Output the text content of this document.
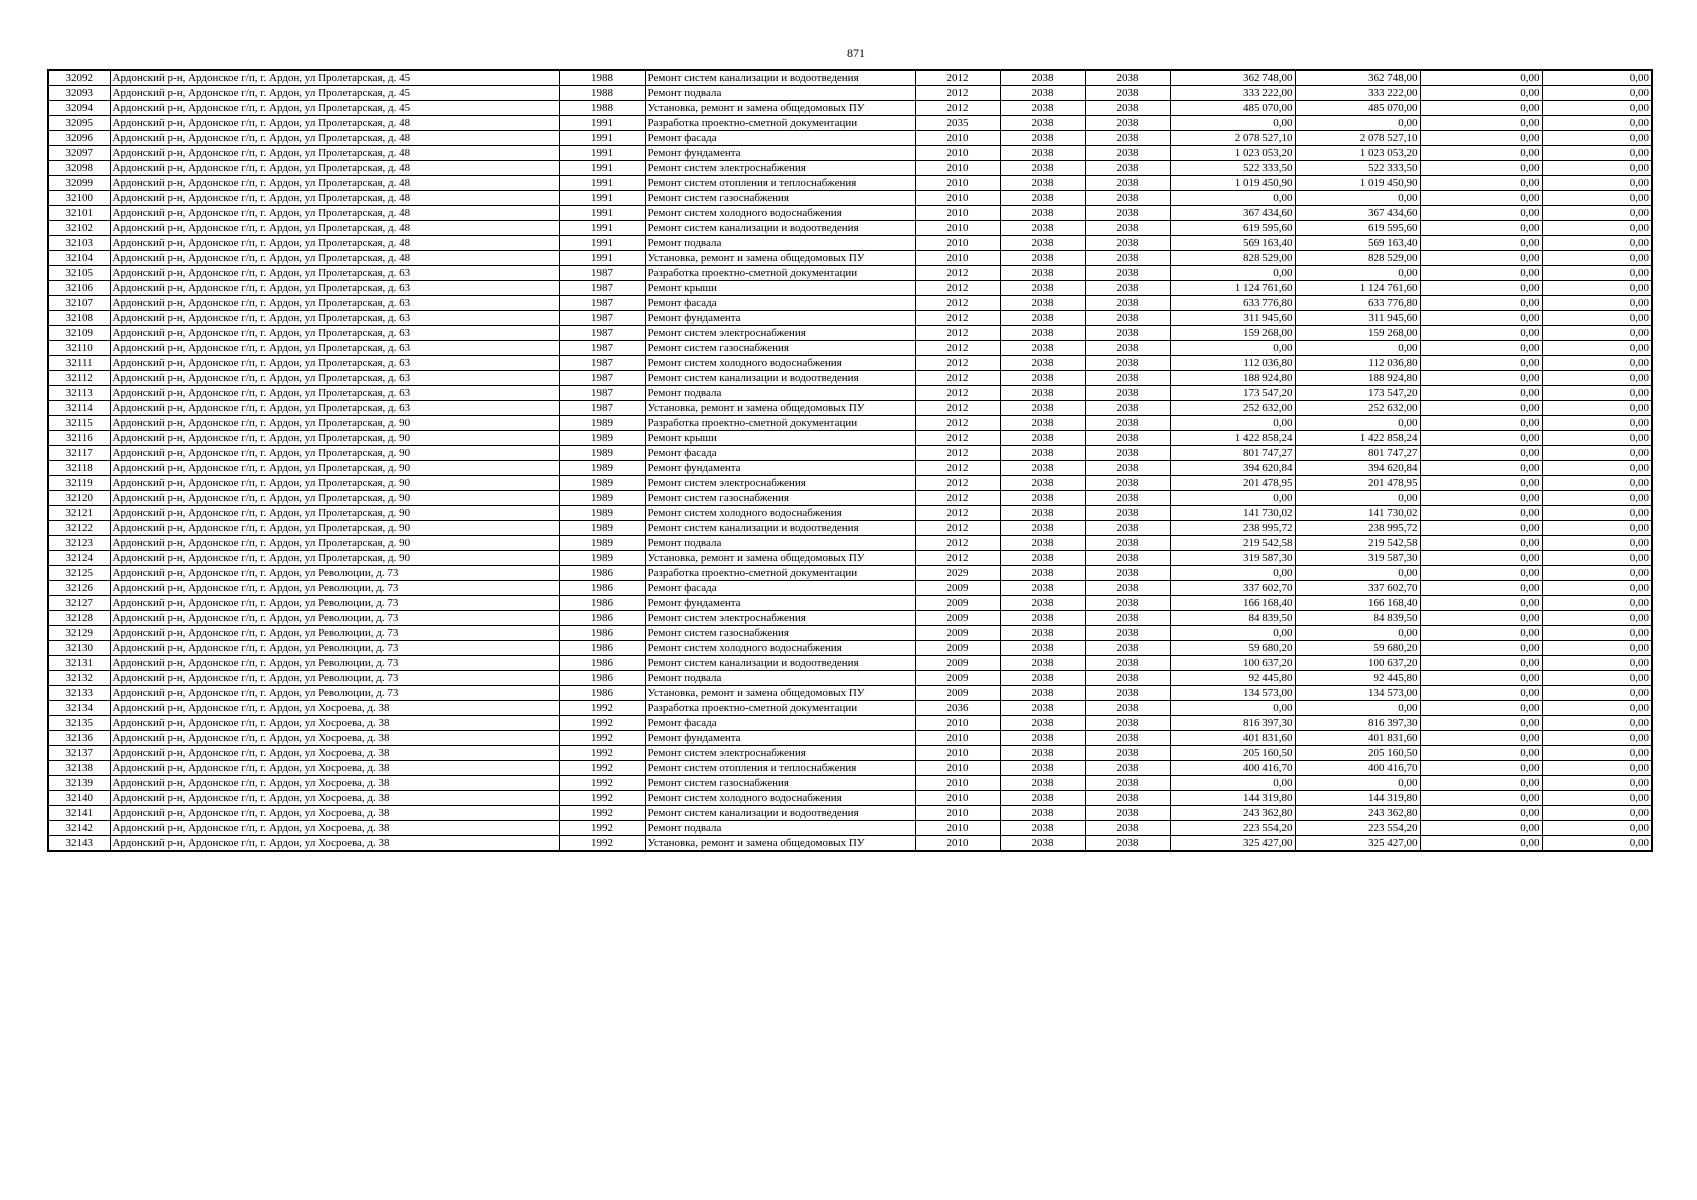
871
32092	Ардонский р-н, Ардонское г/п, г. Ардон, ул Пролетарская, д. 45	1988	Ремонт систем канализации и водоотведения	2012	2038	2038	362 748,00	362 748,00	0,00	0,00
32093	Ардонский р-н, Ардонское г/п, г. Ардон, ул Пролетарская, д. 45	1988	Ремонт подвала	2012	2038	2038	333 222,00	333 222,00	0,00	0,00
32094	Ардонский р-н, Ардонское г/п, г. Ардон, ул Пролетарская, д. 45	1988	Установка, ремонт и замена общедомовых ПУ	2012	2038	2038	485 070,00	485 070,00	0,00	0,00
32095	Ардонский р-н, Ардонское г/п, г. Ардон, ул Пролетарская, д. 48	1991	Разработка проектно-сметной документации	2035	2038	2038	0,00	0,00	0,00	0,00
32096	Ардонский р-н, Ардонское г/п, г. Ардон, ул Пролетарская, д. 48	1991	Ремонт фасада	2010	2038	2038	2 078 527,10	2 078 527,10	0,00	0,00
32097	Ардонский р-н, Ардонское г/п, г. Ардон, ул Пролетарская, д. 48	1991	Ремонт фундамента	2010	2038	2038	1 023 053,20	1 023 053,20	0,00	0,00
32098	Ардонский р-н, Ардонское г/п, г. Ардон, ул Пролетарская, д. 48	1991	Ремонт систем электроснабжения	2010	2038	2038	522 333,50	522 333,50	0,00	0,00
32099	Ардонский р-н, Ардонское г/п, г. Ардон, ул Пролетарская, д. 48	1991	Ремонт систем отопления и теплоснабжения	2010	2038	2038	1 019 450,90	1 019 450,90	0,00	0,00
32100	Ардонский р-н, Ардонское г/п, г. Ардон, ул Пролетарская, д. 48	1991	Ремонт систем газоснабжения	2010	2038	2038	0,00	0,00	0,00	0,00
32101	Ардонский р-н, Ардонское г/п, г. Ардон, ул Пролетарская, д. 48	1991	Ремонт систем холодного водоснабжения	2010	2038	2038	367 434,60	367 434,60	0,00	0,00
32102	Ардонский р-н, Ардонское г/п, г. Ардон, ул Пролетарская, д. 48	1991	Ремонт систем канализации и водоотведения	2010	2038	2038	619 595,60	619 595,60	0,00	0,00
32103	Ардонский р-н, Ардонское г/п, г. Ардон, ул Пролетарская, д. 48	1991	Ремонт подвала	2010	2038	2038	569 163,40	569 163,40	0,00	0,00
32104	Ардонский р-н, Ардонское г/п, г. Ардон, ул Пролетарская, д. 48	1991	Установка, ремонт и замена общедомовых ПУ	2010	2038	2038	828 529,00	828 529,00	0,00	0,00
32105	Ардонский р-н, Ардонское г/п, г. Ардон, ул Пролетарская, д. 63	1987	Разработка проектно-сметной документации	2012	2038	2038	0,00	0,00	0,00	0,00
32106	Ардонский р-н, Ардонское г/п, г. Ардон, ул Пролетарская, д. 63	1987	Ремонт крыши	2012	2038	2038	1 124 761,60	1 124 761,60	0,00	0,00
32107	Ардонский р-н, Ардонское г/п, г. Ардон, ул Пролетарская, д. 63	1987	Ремонт фасада	2012	2038	2038	633 776,80	633 776,80	0,00	0,00
32108	Ардонский р-н, Ардонское г/п, г. Ардон, ул Пролетарская, д. 63	1987	Ремонт фундамента	2012	2038	2038	311 945,60	311 945,60	0,00	0,00
32109	Ардонский р-н, Ардонское г/п, г. Ардон, ул Пролетарская, д. 63	1987	Ремонт систем электроснабжения	2012	2038	2038	159 268,00	159 268,00	0,00	0,00
32110	Ардонский р-н, Ардонское г/п, г. Ардон, ул Пролетарская, д. 63	1987	Ремонт систем газоснабжения	2012	2038	2038	0,00	0,00	0,00	0,00
32111	Ардонский р-н, Ардонское г/п, г. Ардон, ул Пролетарская, д. 63	1987	Ремонт систем холодного водоснабжения	2012	2038	2038	112 036,80	112 036,80	0,00	0,00
32112	Ардонский р-н, Ардонское г/п, г. Ардон, ул Пролетарская, д. 63	1987	Ремонт систем канализации и водоотведения	2012	2038	2038	188 924,80	188 924,80	0,00	0,00
32113	Ардонский р-н, Ардонское г/п, г. Ардон, ул Пролетарская, д. 63	1987	Ремонт подвала	2012	2038	2038	173 547,20	173 547,20	0,00	0,00
32114	Ардонский р-н, Ардонское г/п, г. Ардон, ул Пролетарская, д. 63	1987	Установка, ремонт и замена общедомовых ПУ	2012	2038	2038	252 632,00	252 632,00	0,00	0,00
32115	Ардонский р-н, Ардонское г/п, г. Ардон, ул Пролетарская, д. 90	1989	Разработка проектно-сметной документации	2012	2038	2038	0,00	0,00	0,00	0,00
32116	Ардонский р-н, Ардонское г/п, г. Ардон, ул Пролетарская, д. 90	1989	Ремонт крыши	2012	2038	2038	1 422 858,24	1 422 858,24	0,00	0,00
32117	Ардонский р-н, Ардонское г/п, г. Ардон, ул Пролетарская, д. 90	1989	Ремонт фасада	2012	2038	2038	801 747,27	801 747,27	0,00	0,00
32118	Ардонский р-н, Ардонское г/п, г. Ардон, ул Пролетарская, д. 90	1989	Ремонт фундамента	2012	2038	2038	394 620,84	394 620,84	0,00	0,00
32119	Ардонский р-н, Ардонское г/п, г. Ардон, ул Пролетарская, д. 90	1989	Ремонт систем электроснабжения	2012	2038	2038	201 478,95	201 478,95	0,00	0,00
32120	Ардонский р-н, Ардонское г/п, г. Ардон, ул Пролетарская, д. 90	1989	Ремонт систем газоснабжения	2012	2038	2038	0,00	0,00	0,00	0,00
32121	Ардонский р-н, Ардонское г/п, г. Ардон, ул Пролетарская, д. 90	1989	Ремонт систем холодного водоснабжения	2012	2038	2038	141 730,02	141 730,02	0,00	0,00
32122	Ардонский р-н, Ардонское г/п, г. Ардон, ул Пролетарская, д. 90	1989	Ремонт систем канализации и водоотведения	2012	2038	2038	238 995,72	238 995,72	0,00	0,00
32123	Ардонский р-н, Ардонское г/п, г. Ардон, ул Пролетарская, д. 90	1989	Ремонт подвала	2012	2038	2038	219 542,58	219 542,58	0,00	0,00
32124	Ардонский р-н, Ардонское г/п, г. Ардон, ул Пролетарская, д. 90	1989	Установка, ремонт и замена общедомовых ПУ	2012	2038	2038	319 587,30	319 587,30	0,00	0,00
32125	Ардонский р-н, Ардонское г/п, г. Ардон, ул Революции, д. 73	1986	Разработка проектно-сметной документации	2029	2038	2038	0,00	0,00	0,00	0,00
32126	Ардонский р-н, Ардонское г/п, г. Ардон, ул Революции, д. 73	1986	Ремонт фасада	2009	2038	2038	337 602,70	337 602,70	0,00	0,00
32127	Ардонский р-н, Ардонское г/п, г. Ардон, ул Революции, д. 73	1986	Ремонт фундамента	2009	2038	2038	166 168,40	166 168,40	0,00	0,00
32128	Ардонский р-н, Ардонское г/п, г. Ардон, ул Революции, д. 73	1986	Ремонт систем электроснабжения	2009	2038	2038	84 839,50	84 839,50	0,00	0,00
32129	Ардонский р-н, Ардонское г/п, г. Ардон, ул Революции, д. 73	1986	Ремонт систем газоснабжения	2009	2038	2038	0,00	0,00	0,00	0,00
32130	Ардонский р-н, Ардонское г/п, г. Ардон, ул Революции, д. 73	1986	Ремонт систем холодного водоснабжения	2009	2038	2038	59 680,20	59 680,20	0,00	0,00
32131	Ардонский р-н, Ардонское г/п, г. Ардон, ул Революции, д. 73	1986	Ремонт систем канализации и водоотведения	2009	2038	2038	100 637,20	100 637,20	0,00	0,00
32132	Ардонский р-н, Ардонское г/п, г. Ардон, ул Революции, д. 73	1986	Ремонт подвала	2009	2038	2038	92 445,80	92 445,80	0,00	0,00
32133	Ардонский р-н, Ардонское г/п, г. Ардон, ул Революции, д. 73	1986	Установка, ремонт и замена общедомовых ПУ	2009	2038	2038	134 573,00	134 573,00	0,00	0,00
32134	Ардонский р-н, Ардонское г/п, г. Ардон, ул Хосроева, д. 38	1992	Разработка проектно-сметной документации	2036	2038	2038	0,00	0,00	0,00	0,00
32135	Ардонский р-н, Ардонское г/п, г. Ардон, ул Хосроева, д. 38	1992	Ремонт фасада	2010	2038	2038	816 397,30	816 397,30	0,00	0,00
32136	Ардонский р-н, Ардонское г/п, г. Ардон, ул Хосроева, д. 38	1992	Ремонт фундамента	2010	2038	2038	401 831,60	401 831,60	0,00	0,00
32137	Ардонский р-н, Ардонское г/п, г. Ардон, ул Хосроева, д. 38	1992	Ремонт систем электроснабжения	2010	2038	2038	205 160,50	205 160,50	0,00	0,00
32138	Ардонский р-н, Ардонское г/п, г. Ардон, ул Хосроева, д. 38	1992	Ремонт систем отопления и теплоснабжения	2010	2038	2038	400 416,70	400 416,70	0,00	0,00
32139	Ардонский р-н, Ардонское г/п, г. Ардон, ул Хосроева, д. 38	1992	Ремонт систем газоснабжения	2010	2038	2038	0,00	0,00	0,00	0,00
32140	Ардонский р-н, Ардонское г/п, г. Ардон, ул Хосроева, д. 38	1992	Ремонт систем холодного водоснабжения	2010	2038	2038	144 319,80	144 319,80	0,00	0,00
32141	Ардонский р-н, Ардонское г/п, г. Ардон, ул Хосроева, д. 38	1992	Ремонт систем канализации и водоотведения	2010	2038	2038	243 362,80	243 362,80	0,00	0,00
32142	Ардонский р-н, Ардонское г/п, г. Ардон, ул Хосроева, д. 38	1992	Ремонт подвала	2010	2038	2038	223 554,20	223 554,20	0,00	0,00
32143	Ардонский р-н, Ардонское г/п, г. Ардон, ул Хосроева, д. 38	1992	Установка, ремонт и замена общедомовых ПУ	2010	2038	2038	325 427,00	325 427,00	0,00	0,00
